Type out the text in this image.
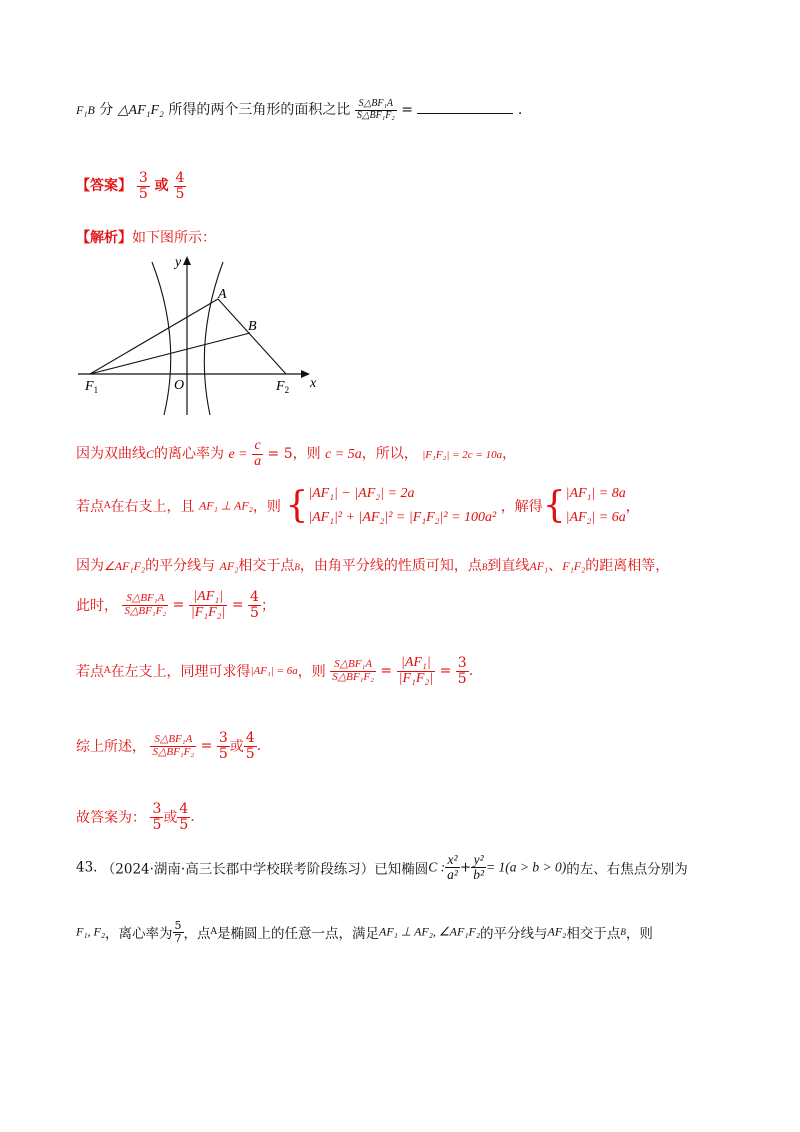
F₁B 分 △AF₁F₂ 所得的两个三角形的面积之比 $\frac{\text{S△BF₁A}}{\text{S△BF₁F₂}}$ =	.
【答案】 $\frac{3}{5}$ 或 $\frac{4}{5}$
【解析】如下图所示：
y
x
A
B
O
$F_1$	$F_2$
因为双曲线C的离心率为 $e = \frac{c}{a} = 5$，则 c = 5a，所以， |F₁F₂| = 2c = 10a，
若点A在右支上，且 AF₁ ⊥ AF₂，则 { |AF₁| − |AF₂| = 2a
|AF₁|² + |AF₂|² = |F₁F₂|² = 100a²
，解得{ |AF₁| = 8a
|AF₂| = 6a
，
因为∠AF₁F₂的平分线与 AF₂相交于点B，由角平分线的性质可知，点B到直线AF₁、F₁F₂的距离相等，
此时， $\frac{\text{S△BF₁A}}{\text{S△BF₁F₂}} = \frac{\text{|AF₁|}}{\text{|F₁F₂|}} = \frac{4}{5}$ ；
若点A在左支上，同理可求得|AF₁| = 6a，则 $\frac{\text{S△BF₁A}}{\text{S△BF₁F₂}} = \frac{\text{|AF₁|}}{\text{|F₁F₂|}} = \frac{3}{5}$ .
综上所述， $\frac{\text{S△BF₁A}}{\text{S△BF₁F₂}} = \frac{3}{5}$ 或 $\frac{4}{5}$ .
故答案为： $\frac{3}{5}$ 或 $\frac{4}{5}$ .
43. （2024·湖南·高三长郡中学校联考阶段练习）已知椭圆C : $\frac{\text{x²}}{\text{a²}} + \frac{\text{y²}}{\text{b²}} = 1(a > b > 0)$的左、右焦点分别为
F₁, F₂，离心率为 $\frac{5}{7}$ ，点A是椭圆上的任意一点，满足AF₁ ⊥ AF₂, ∠AF₁F₂的平分线与AF₂相交于点B，则
